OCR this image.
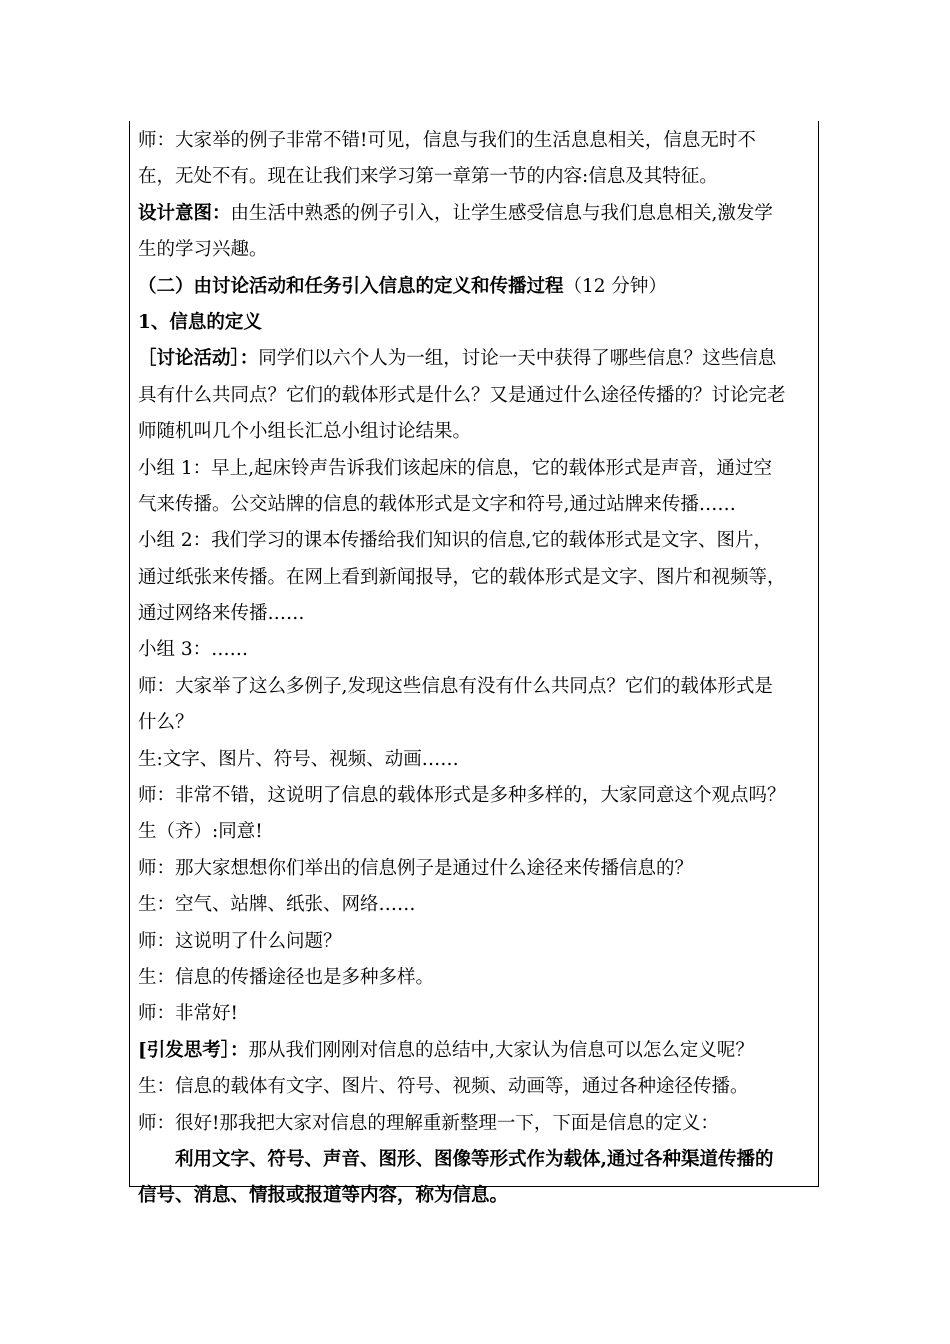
师：大家举的例子非常不错!可见，信息与我们的生活息息相关，信息无时不
在，无处不有。现在让我们来学习第一章第一节的内容:信息及其特征。
设计意图：由生活中熟悉的例子引入，让学生感受信息与我们息息相关,激发学
生的学习兴趣。
（二）由讨论活动和任务引入信息的定义和传播过程（12 分钟）
1、信息的定义
［讨论活动］：同学们以六个人为一组，讨论一天中获得了哪些信息？这些信息
具有什么共同点？它们的载体形式是什么？又是通过什么途径传播的？讨论完老
师随机叫几个小组长汇总小组讨论结果。
小组 1：早上,起床铃声告诉我们该起床的信息，它的载体形式是声音，通过空
气来传播。公交站牌的信息的载体形式是文字和符号,通过站牌来传播……
小组 2：我们学习的课本传播给我们知识的信息,它的载体形式是文字、图片，
通过纸张来传播。在网上看到新闻报导，它的载体形式是文字、图片和视频等，
通过网络来传播……
小组 3：……
师：大家举了这么多例子,发现这些信息有没有什么共同点？它们的载体形式是
什么？
生:文字、图片、符号、视频、动画……
师：非常不错，这说明了信息的载体形式是多种多样的，大家同意这个观点吗？
生（齐）:同意!
师：那大家想想你们举出的信息例子是通过什么途径来传播信息的？
生：空气、站牌、纸张、网络……
师：这说明了什么问题？
生：信息的传播途径也是多种多样。
师：非常好!
[引发思考］：那从我们刚刚对信息的总结中,大家认为信息可以怎么定义呢？
生：信息的载体有文字、图片、符号、视频、动画等，通过各种途径传播。
师：很好!那我把大家对信息的理解重新整理一下，下面是信息的定义：
利用文字、符号、声音、图形、图像等形式作为载体,通过各种渠道传播的
信号、消息、情报或报道等内容，称为信息。
